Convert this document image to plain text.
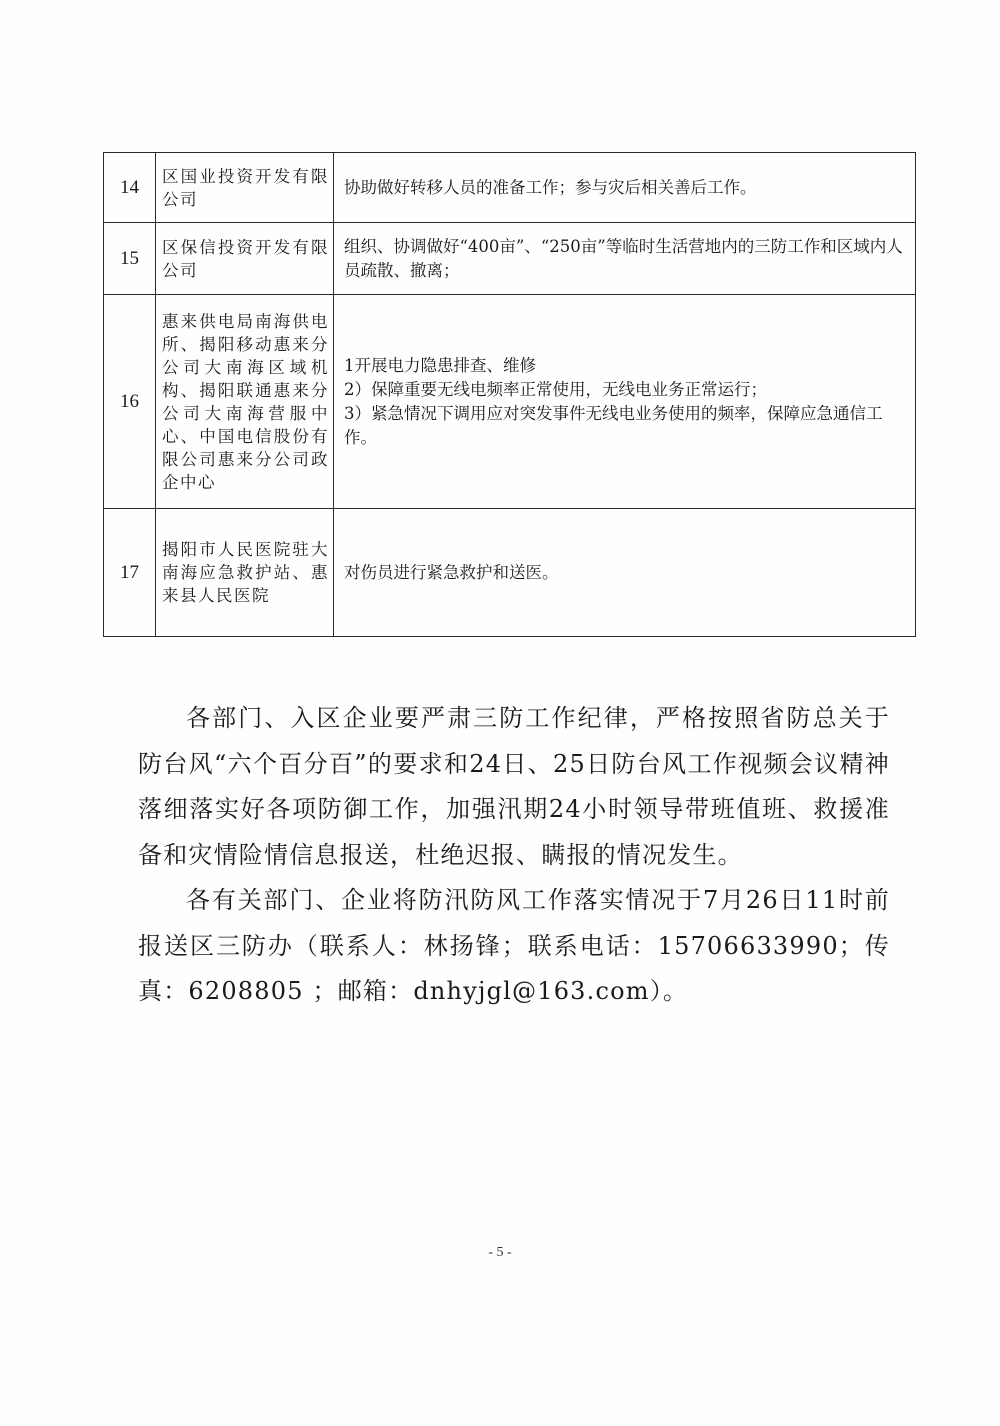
14	区国业投资开发有限公司	协助做好转移人员的准备工作；参与灾后相关善后工作。

15	区保信投资开发有限公司	组织、协调做好“400亩”、“250亩”等临时生活营地内的三防工作和区域内人员疏散、撤离；

16	惠来供电局南海供电所、揭阳移动惠来分公司大南海区域机构、揭阳联通惠来分公司大南海营服中心、中国电信股份有限公司惠来分公司政企中心	1开展电力隐患排查、维修
2）保障重要无线电频率正常使用，无线电业务正常运行；
3）紧急情况下调用应对突发事件无线电业务使用的频率，保障应急通信工作。

17	揭阳市人民医院驻大南海应急救护站、惠来县人民医院	对伤员进行紧急救护和送医。

各部门、入区企业要严肃三防工作纪律，严格按照省防总关于防台风“六个百分百”的要求和24日、25日防台风工作视频会议精神落细落实好各项防御工作，加强汛期24小时领导带班值班、救援准备和灾情险情信息报送，杜绝迟报、瞒报的情况发生。

各有关部门、企业将防汛防风工作落实情况于7月26日11时前报送区三防办（联系人：林扬锋；联系电话：15706633990；传真：6208805 ；邮箱：dnhyjgl@163.com）。

- 5 -
